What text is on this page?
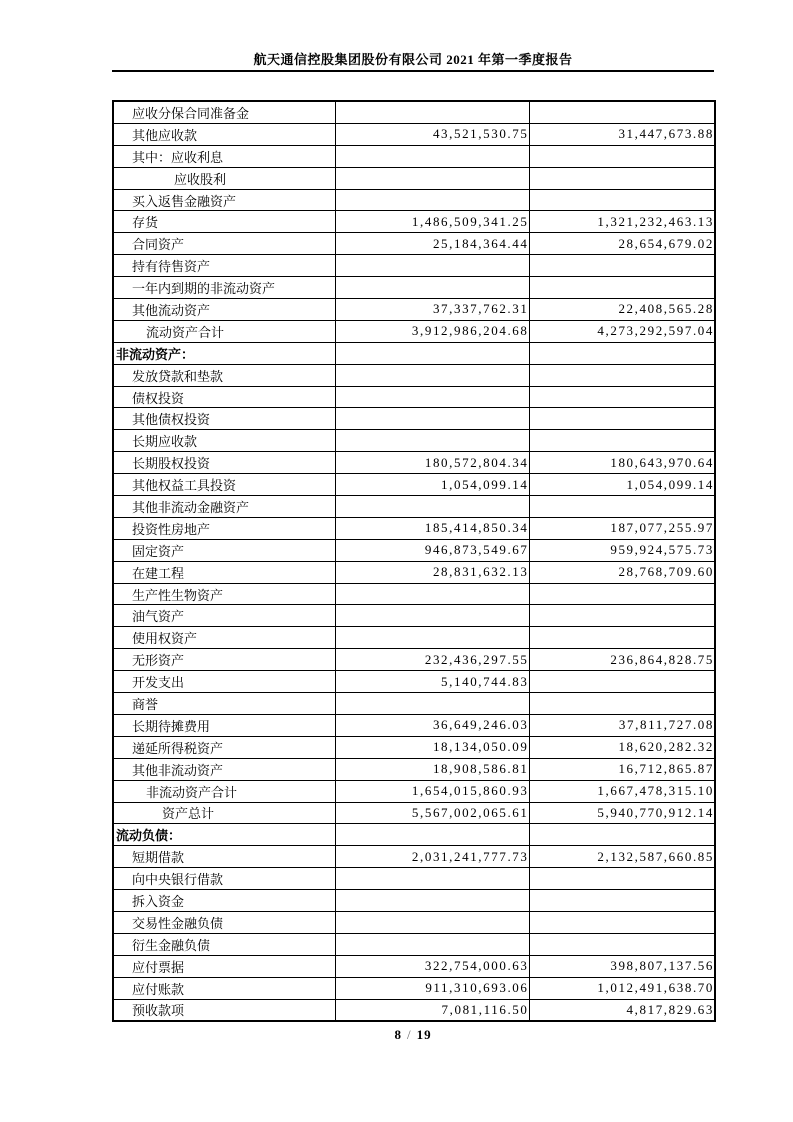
航天通信控股集团股份有限公司 2021 年第一季度报告
应收分保合同准备金		
其他应收款	43,521,530.75	31,447,673.88
其中：应收利息		
应收股利		
买入返售金融资产		
存货	1,486,509,341.25	1,321,232,463.13
合同资产	25,184,364.44	28,654,679.02
持有待售资产		
一年内到期的非流动资产		
其他流动资产	37,337,762.31	22,408,565.28
流动资产合计	3,912,986,204.68	4,273,292,597.04
非流动资产：		
发放贷款和垫款		
债权投资		
其他债权投资		
长期应收款		
长期股权投资	180,572,804.34	180,643,970.64
其他权益工具投资	1,054,099.14	1,054,099.14
其他非流动金融资产		
投资性房地产	185,414,850.34	187,077,255.97
固定资产	946,873,549.67	959,924,575.73
在建工程	28,831,632.13	28,768,709.60
生产性生物资产		
油气资产		
使用权资产		
无形资产	232,436,297.55	236,864,828.75
开发支出	5,140,744.83	
商誉		
长期待摊费用	36,649,246.03	37,811,727.08
递延所得税资产	18,134,050.09	18,620,282.32
其他非流动资产	18,908,586.81	16,712,865.87
非流动资产合计	1,654,015,860.93	1,667,478,315.10
资产总计	5,567,002,065.61	5,940,770,912.14
流动负债：		
短期借款	2,031,241,777.73	2,132,587,660.85
向中央银行借款		
拆入资金		
交易性金融负债		
衍生金融负债		
应付票据	322,754,000.63	398,807,137.56
应付账款	911,310,693.06	1,012,491,638.70
预收款项	7,081,116.50	4,817,829.63
8 / 19
